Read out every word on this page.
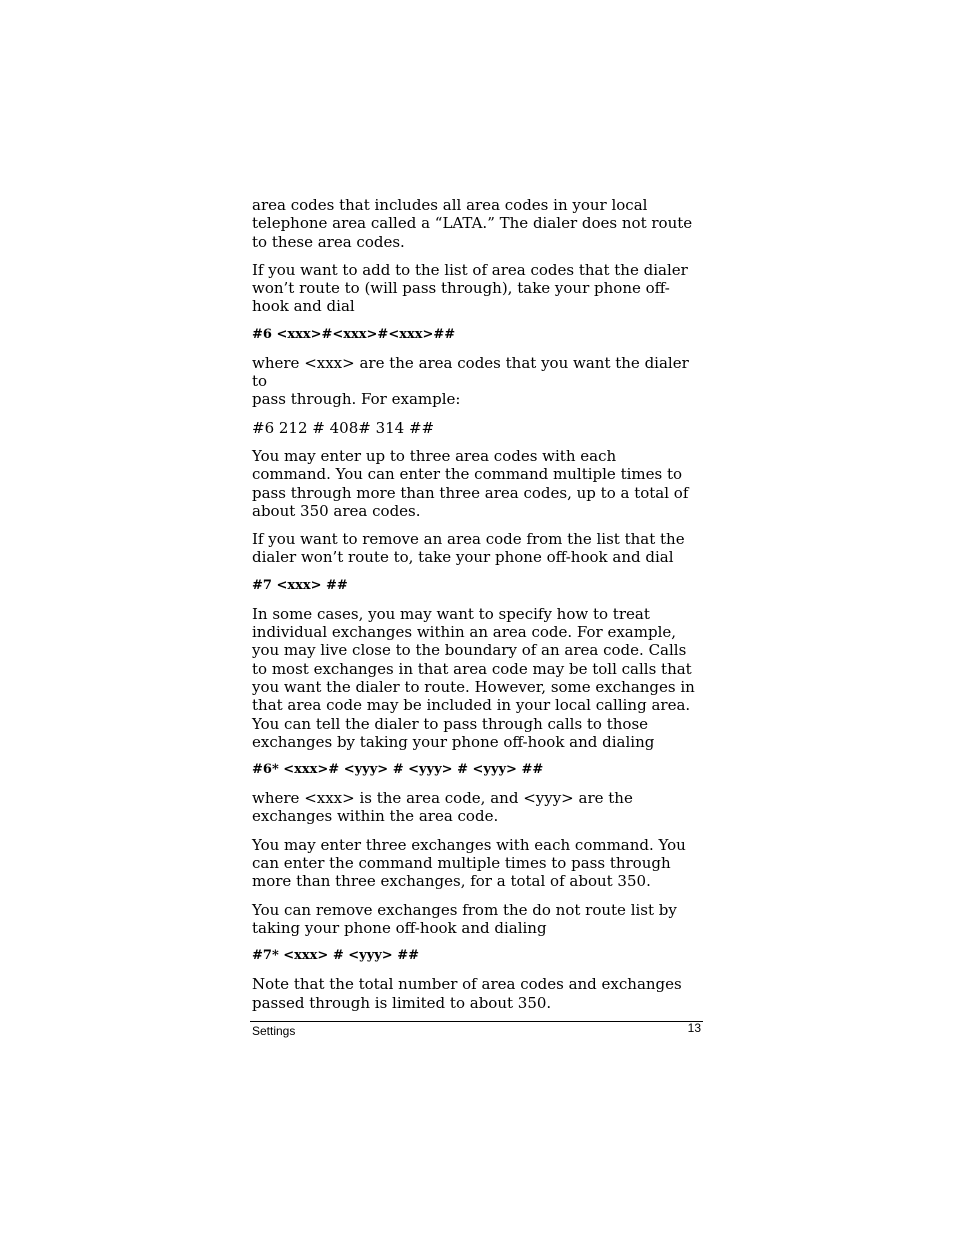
area codes that includes all area codes in your local
telephone area called a “LATA.” The dialer does not route
to these area codes.

If you want to add to the list of area codes that the dialer
won’t route to (will pass through), take your phone off-
hook and dial

#6 <xxx>#<xxx>#<xxx>##

where <xxx> are the area codes that you want the dialer to
pass through. For example:

#6 212 # 408# 314 ##

You may enter up to three area codes with each
command. You can enter the command multiple times to
pass through more than three area codes, up to a total of
about 350 area codes.

If you want to remove an area code from the list that the
dialer won’t route to, take your phone off-hook and dial

#7 <xxx> ##

In some cases, you may want to specify how to treat
individual exchanges within an area code. For example,
you may live close to the boundary of an area code. Calls
to most exchanges in that area code may be toll calls that
you want the dialer to route. However, some exchanges in
that area code may be included in your local calling area.
You can tell the dialer to pass through calls to those
exchanges by taking your phone off-hook and dialing

#6* <xxx># <yyy> # <yyy> # <yyy> ##

where <xxx> is the area code, and <yyy> are the
exchanges within the area code.

You may enter three exchanges with each command. You
can enter the command multiple times to pass through
more than three exchanges, for a total of about 350.

You can remove exchanges from the do not route list by
taking your phone off-hook and dialing

#7* <xxx> # <yyy> ##

Note that the total number of area codes and exchanges
passed through is limited to about 350.

Settings	13
